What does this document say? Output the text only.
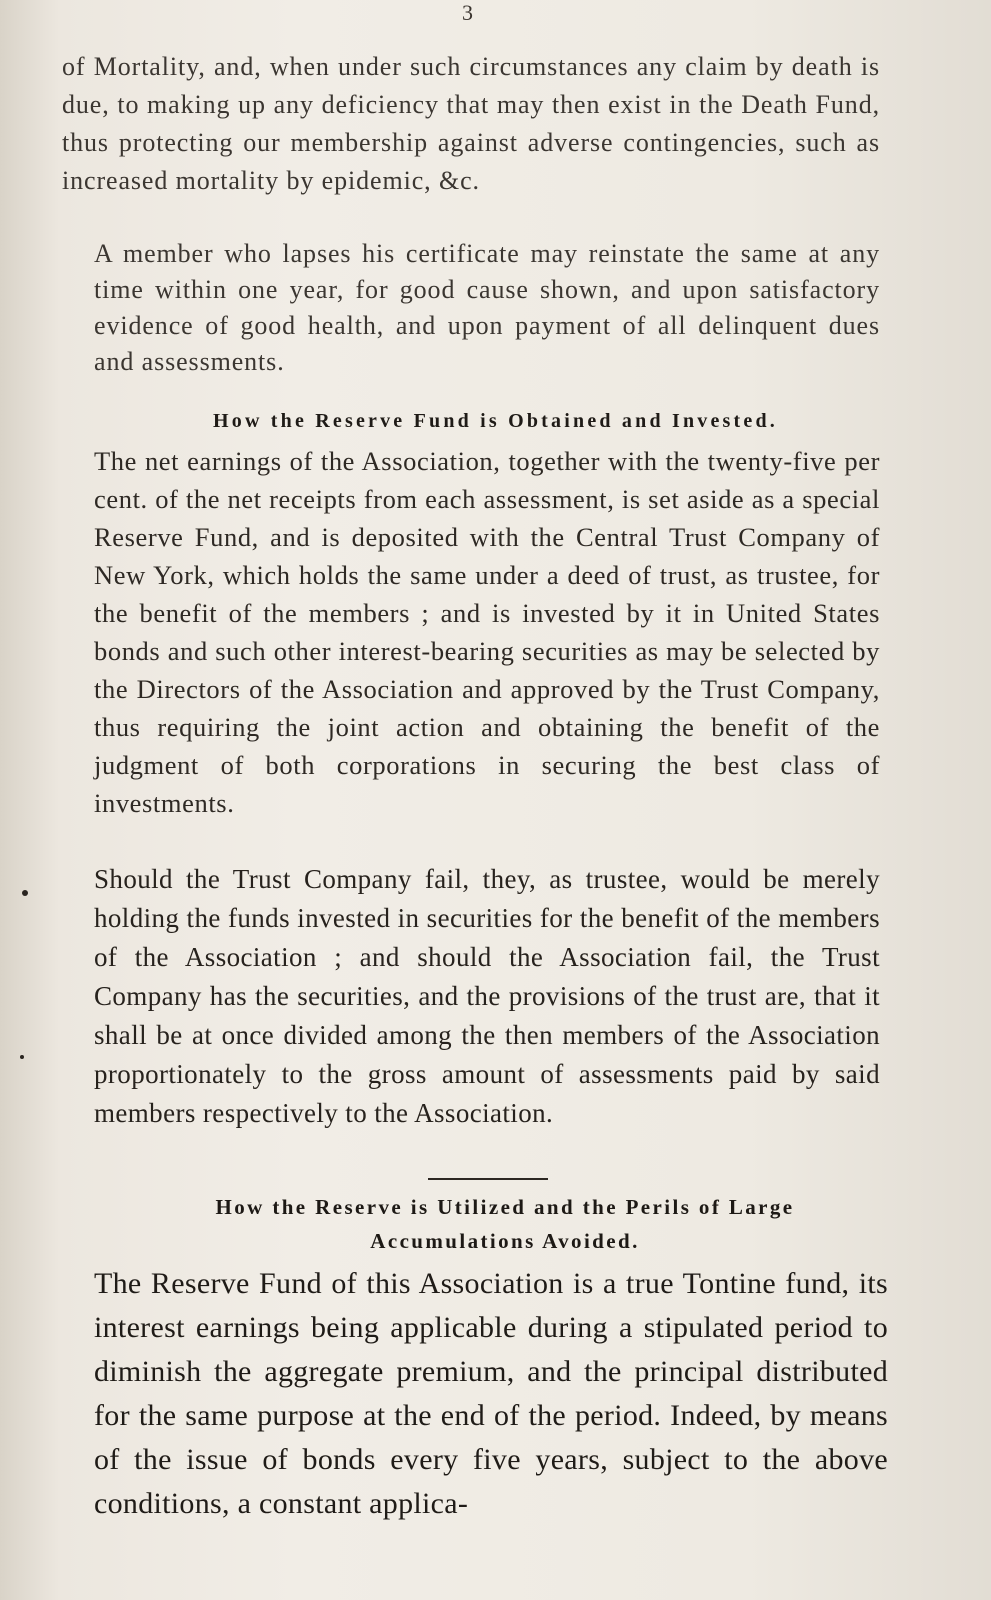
3

of Mortality, and, when under such circumstances any claim by death is due, to making up any deficiency that may then exist in the Death Fund, thus protecting our membership against adverse contingencies, such as increased mortality by epidemic, &c.

A member who lapses his certificate may reinstate the same at any time within one year, for good cause shown, and upon satisfactory evidence of good health, and upon payment of all delinquent dues and assessments.

How the Reserve Fund is Obtained and Invested.

The net earnings of the Association, together with the twenty-five per cent. of the net receipts from each assessment, is set aside as a special Reserve Fund, and is deposited with the Central Trust Company of New York, which holds the same under a deed of trust, as trustee, for the benefit of the members ; and is invested by it in United States bonds and such other interest-bearing securities as may be selected by the Directors of the Association and approved by the Trust Company, thus requiring the joint action and obtaining the benefit of the judgment of both corporations in securing the best class of investments.

Should the Trust Company fail, they, as trustee, would be merely holding the funds invested in securities for the benefit of the members of the Association ; and should the Association fail, the Trust Company has the securities, and the provisions of the trust are, that it shall be at once divided among the then members of the Association proportionately to the gross amount of assessments paid by said members respectively to the Association.

How the Reserve is Utilized and the Perils of Large
Accumulations Avoided.

The Reserve Fund of this Association is a true Tontine fund, its interest earnings being applicable during a stipulated period to diminish the aggregate premium, and the principal distributed for the same purpose at the end of the period. Indeed, by means of the issue of bonds every five years, subject to the above conditions, a constant applica-
